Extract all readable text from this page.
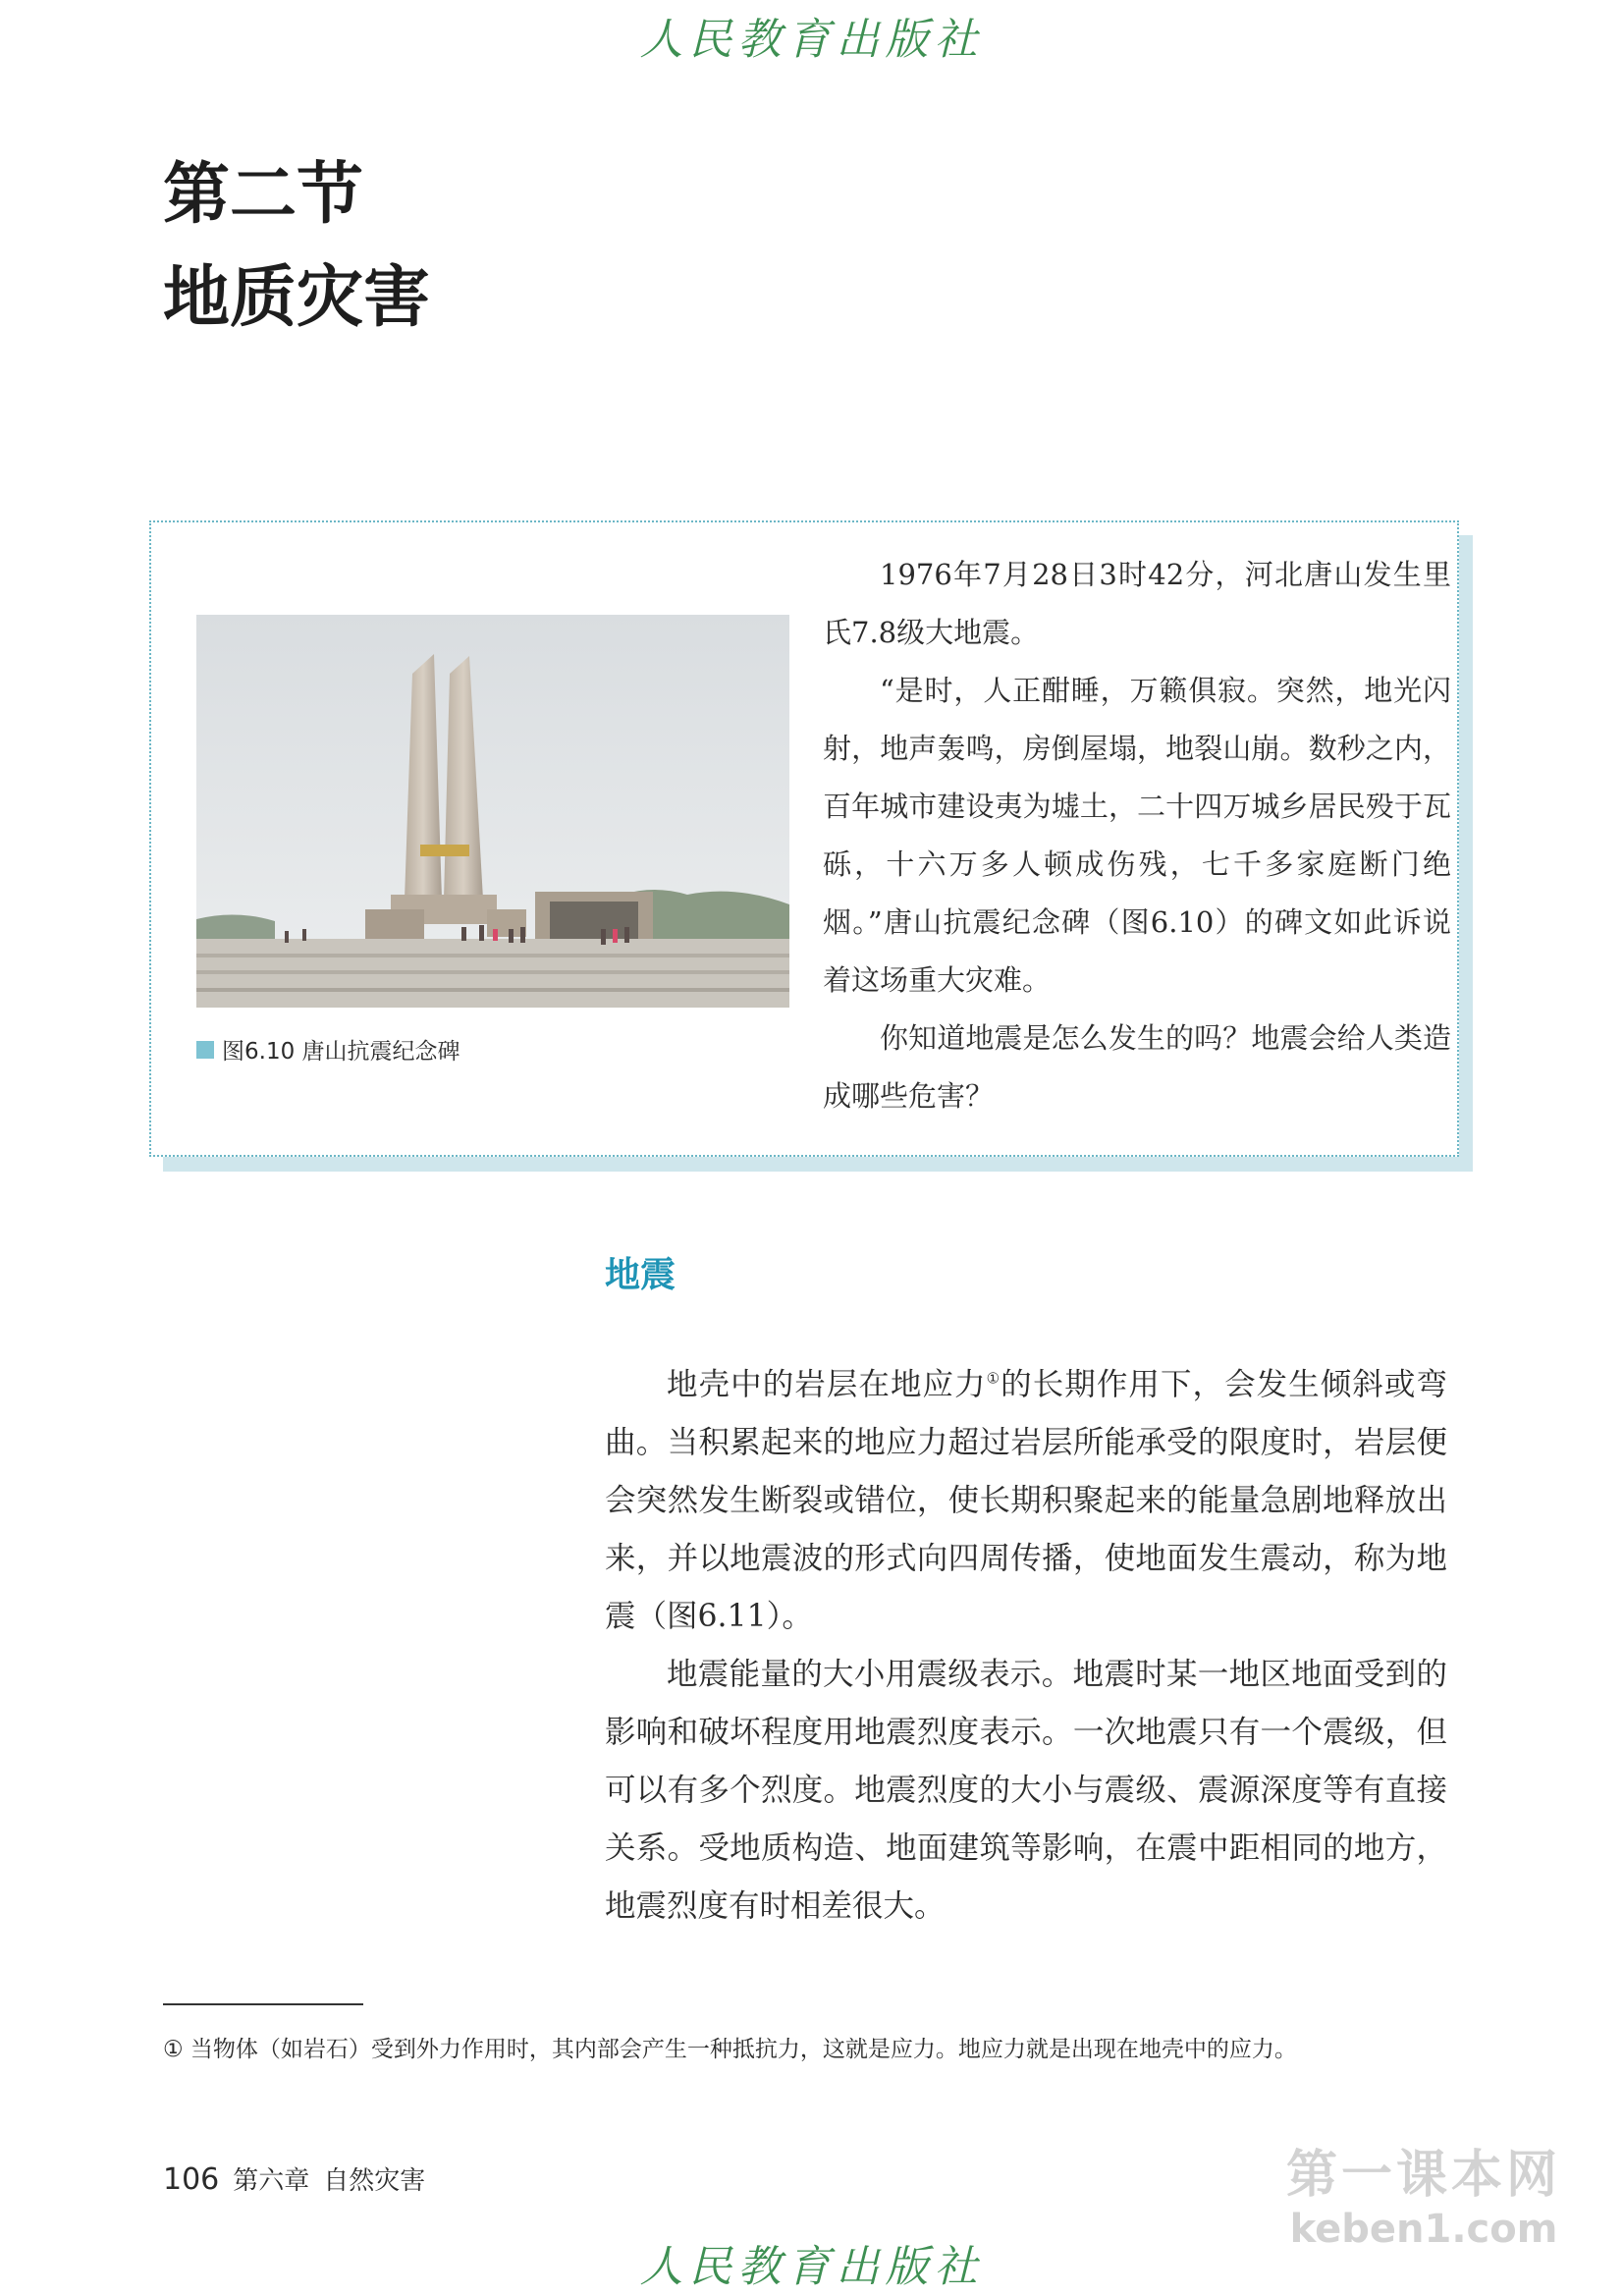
人民教育出版社
第二节
地质灾害
图6.10 唐山抗震纪念碑

1976年7月28日3时42分，河北唐山发生里氏7.8级大地震。

“是时，人正酣睡，万籁俱寂。突然，地光闪射，地声轰鸣，房倒屋塌，地裂山崩。数秒之内，百年城市建设夷为墟土，二十四万城乡居民殁于瓦砾，十六万多人顿成伤残，七千多家庭断门绝烟。”唐山抗震纪念碑（图6.10）的碑文如此诉说着这场重大灾难。

你知道地震是怎么发生的吗？地震会给人类造成哪些危害？

地震

地壳中的岩层在地应力①的长期作用下，会发生倾斜或弯曲。当积累起来的地应力超过岩层所能承受的限度时，岩层便会突然发生断裂或错位，使长期积聚起来的能量急剧地释放出来，并以地震波的形式向四周传播，使地面发生震动，称为地震（图6.11）。

地震能量的大小用震级表示。地震时某一地区地面受到的影响和破坏程度用地震烈度表示。一次地震只有一个震级，但可以有多个烈度。地震烈度的大小与震级、震源深度等有直接关系。受地质构造、地面建筑等影响，在震中距相同的地方，地震烈度有时相差很大。

① 当物体（如岩石）受到外力作用时，其内部会产生一种抵抗力，这就是应力。地应力就是出现在地壳中的应力。
106 第六章 自然灾害	第一课本网
keben1.com
人民教育出版社
